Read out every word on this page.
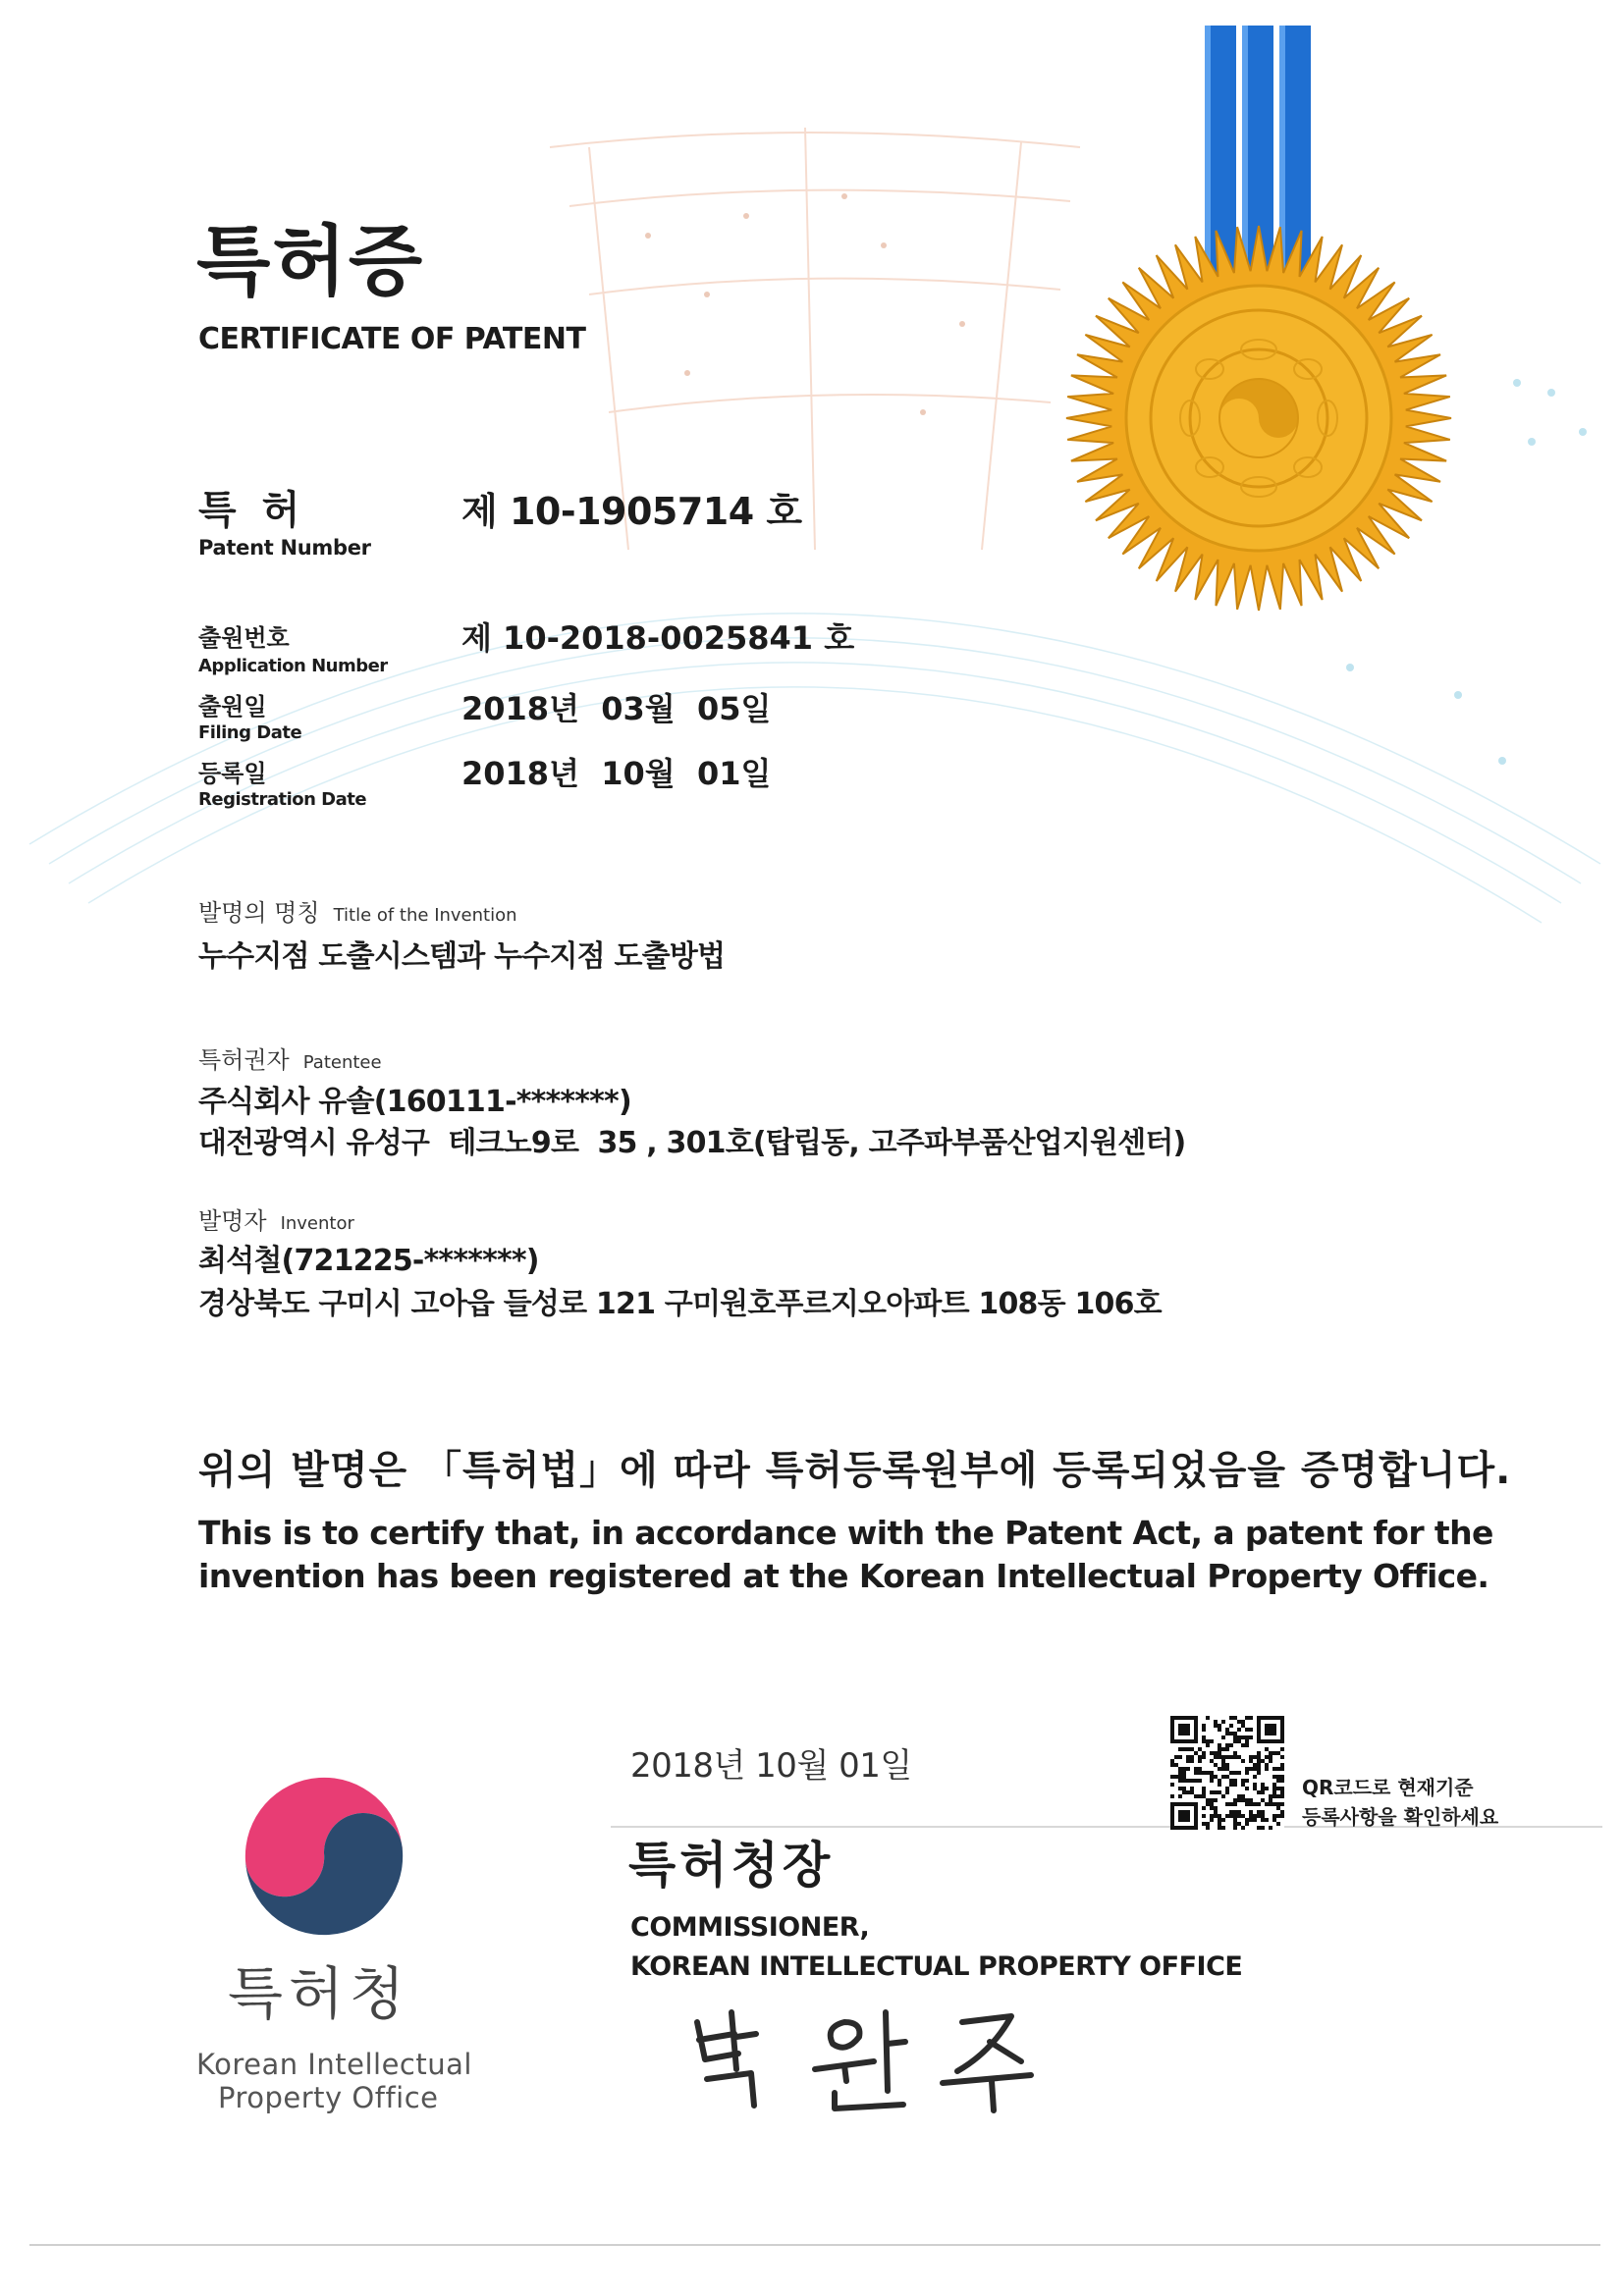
특허증
CERTIFICATE OF PATENT
특 허
Patent Number
제 10-1905714 호
출원번호
Application Number
제 10-2018-0025841 호
출원일
Filing Date
2018년  03월  05일
등록일
Registration Date
2018년  10월  01일
발명의 명칭 Title of the Invention
누수지점 도출시스템과 누수지점 도출방법
특허권자 Patentee
주식회사 유솔(160111-*******)
대전광역시 유성구  테크노9로  35 , 301호(탑립동, 고주파부품산업지원센터)
발명자 Inventor
최석철(721225-*******)
경상북도 구미시 고아읍 들성로 121 구미원호푸르지오아파트 108동 106호
위의 발명은 「특허법」에 따라 특허등록원부에 등록되었음을 증명합니다.
This is to certify that, in accordance with the Patent Act, a patent for the invention has been registered at the Korean Intellectual Property Office.
2018년 10월 01일
특허청장
COMMISSIONER,
KOREAN INTELLECTUAL PROPERTY OFFICE
QR코드로 현재기준
등록사항을 확인하세요
특허청
Korean Intellectual
Property Office
